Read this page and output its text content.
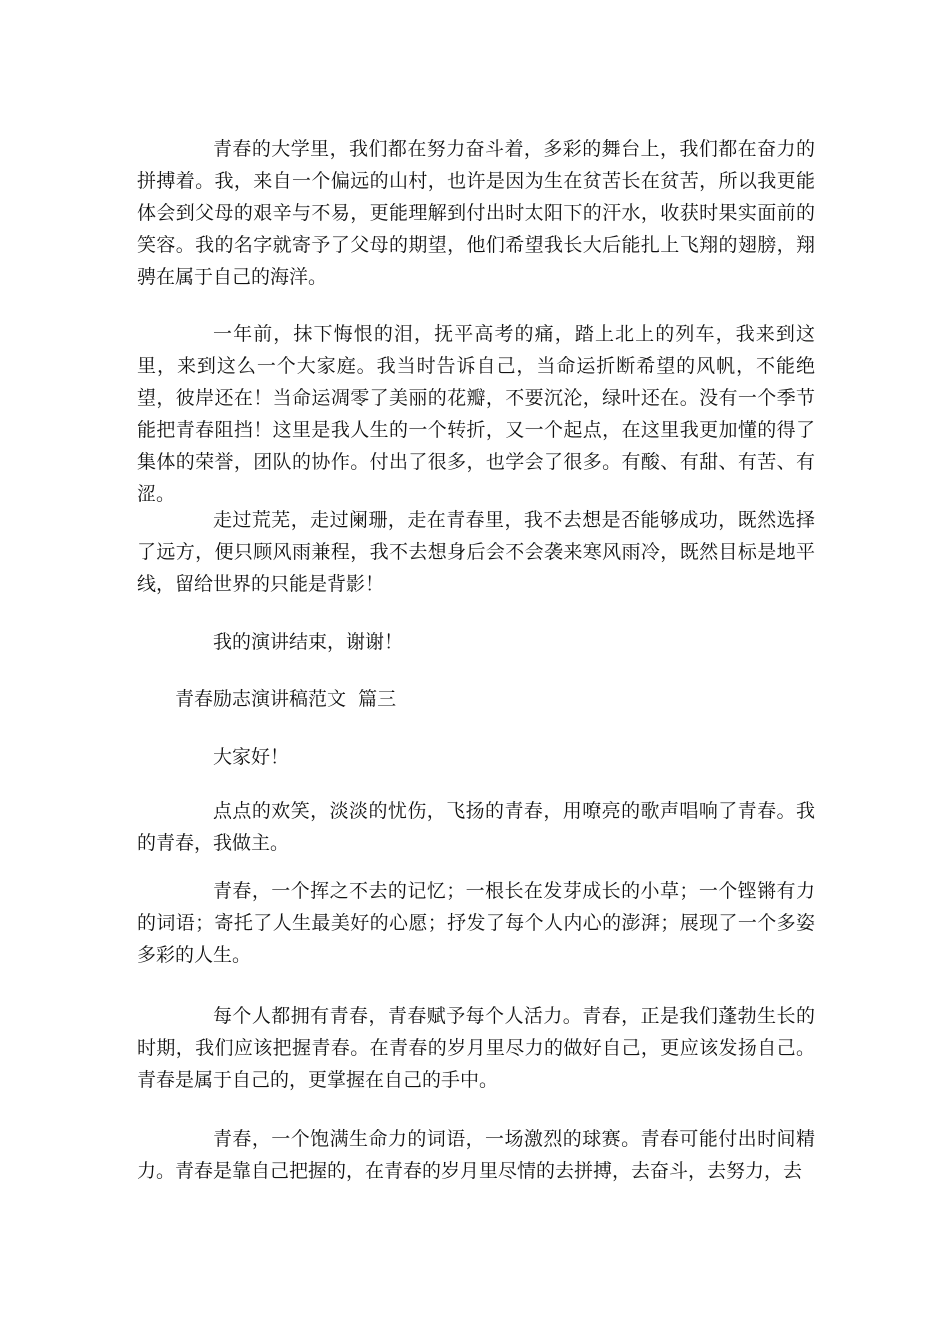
青春的大学里，我们都在努力奋斗着，多彩的舞台上，我们都在奋力的拼搏着。我，来自一个偏远的山村，也许是因为生在贫苦长在贫苦，所以我更能体会到父母的艰辛与不易，更能理解到付出时太阳下的汗水，收获时果实面前的笑容。我的名字就寄予了父母的期望，他们希望我长大后能扎上飞翔的翅膀，翔骋在属于自己的海洋。

一年前，抹下悔恨的泪，抚平高考的痛，踏上北上的列车，我来到这里，来到这么一个大家庭。我当时告诉自己，当命运折断希望的风帆，不能绝望，彼岸还在！当命运凋零了美丽的花瓣，不要沉沦，绿叶还在。没有一个季节能把青春阻挡！这里是我人生的一个转折，又一个起点，在这里我更加懂的得了集体的荣誉，团队的协作。付出了很多，也学会了很多。有酸、有甜、有苦、有涩。

走过荒芜，走过阑珊，走在青春里，我不去想是否能够成功，既然选择了远方，便只顾风雨兼程，我不去想身后会不会袭来寒风雨冷，既然目标是地平线，留给世界的只能是背影！

我的演讲结束，谢谢！

青春励志演讲稿范文  篇三

大家好！

点点的欢笑，淡淡的忧伤，飞扬的青春，用嘹亮的歌声唱响了青春。我的青春，我做主。

青春，一个挥之不去的记忆；一根长在发芽成长的小草；一个铿锵有力的词语；寄托了人生最美好的心愿；抒发了每个人内心的澎湃；展现了一个多姿多彩的人生。

每个人都拥有青春，青春赋予每个人活力。青春，正是我们蓬勃生长的时期，我们应该把握青春。在青春的岁月里尽力的做好自己，更应该发扬自己。青春是属于自己的，更掌握在自己的手中。

青春，一个饱满生命力的词语，一场激烈的球赛。青春可能付出时间精力。青春是靠自己把握的，在青春的岁月里尽情的去拼搏，去奋斗，去努力，去
